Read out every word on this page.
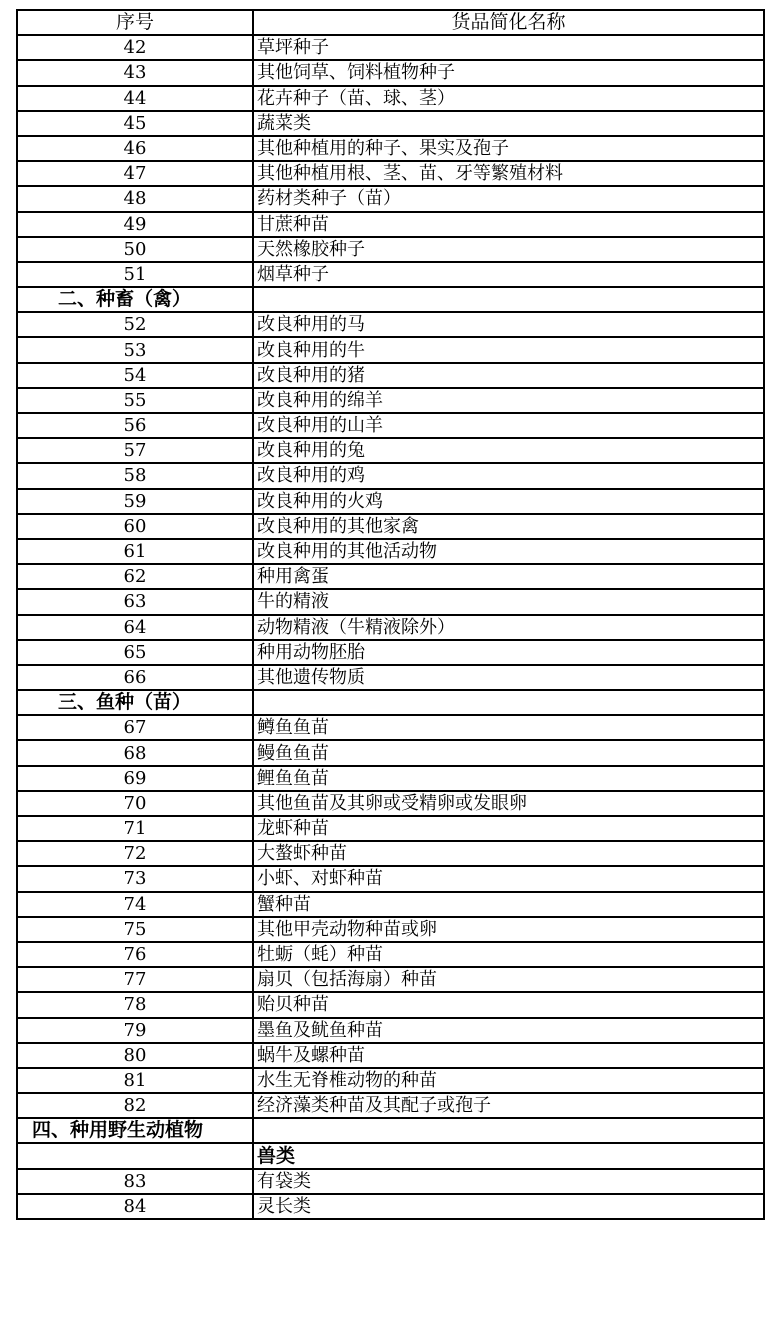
序号	货品简化名称
42	草坪种子
43	其他饲草、饲料植物种子
44	花卉种子（苗、球、茎）
45	蔬菜类
46	其他种植用的种子、果实及孢子
47	其他种植用根、茎、苗、牙等繁殖材料
48	药材类种子（苗）
49	甘蔗种苗
50	天然橡胶种子
51	烟草种子
二、种畜（禽）	
52	改良种用的马
53	改良种用的牛
54	改良种用的猪
55	改良种用的绵羊
56	改良种用的山羊
57	改良种用的兔
58	改良种用的鸡
59	改良种用的火鸡
60	改良种用的其他家禽
61	改良种用的其他活动物
62	种用禽蛋
63	牛的精液
64	动物精液（牛精液除外）
65	种用动物胚胎
66	其他遗传物质
三、鱼种（苗）	
67	鳟鱼鱼苗
68	鳗鱼鱼苗
69	鲤鱼鱼苗
70	其他鱼苗及其卵或受精卵或发眼卵
71	龙虾种苗
72	大螯虾种苗
73	小虾、对虾种苗
74	蟹种苗
75	其他甲壳动物种苗或卵
76	牡蛎（蚝）种苗
77	扇贝（包括海扇）种苗
78	贻贝种苗
79	墨鱼及鱿鱼种苗
80	蜗牛及螺种苗
81	水生无脊椎动物的种苗
82	经济藻类种苗及其配子或孢子
四、种用野生动植物	
	兽类
83	有袋类
84	灵长类
